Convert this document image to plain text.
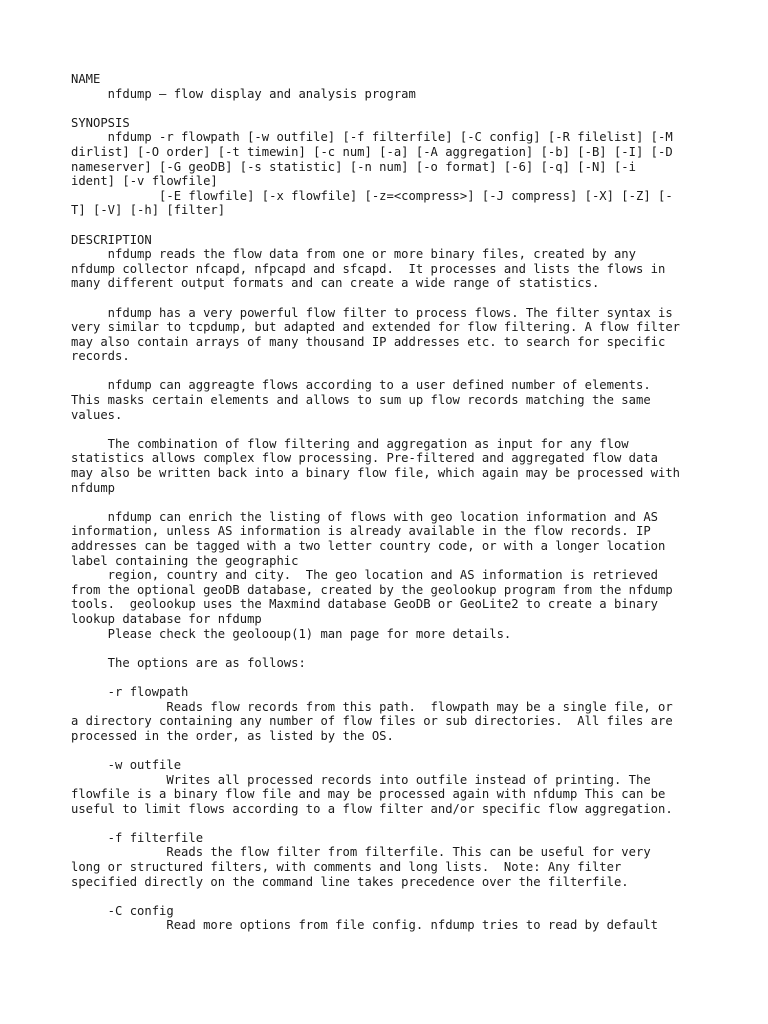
NAME
nfdump — flow display and analysis program
SYNOPSIS
nfdump -r flowpath [-w outfile] [-f filterfile] [-C config] [-R filelist] [-M
dirlist] [-O order] [-t timewin] [-c num] [-a] [-A aggregation] [-b] [-B] [-I] [-D
nameserver] [-G geoDB] [-s statistic] [-n num] [-o format] [-6] [-q] [-N] [-i
ident] [-v flowfile]
[-E flowfile] [-x flowfile] [-z=<compress>] [-J compress] [-X] [-Z] [-
T] [-V] [-h] [filter]
DESCRIPTION
nfdump reads the flow data from one or more binary files, created by any
nfdump collector nfcapd, nfpcapd and sfcapd.  It processes and lists the flows in
many different output formats and can create a wide range of statistics.
nfdump has a very powerful flow filter to process flows. The filter syntax is
very similar to tcpdump, but adapted and extended for flow filtering. A flow filter
may also contain arrays of many thousand IP addresses etc. to search for specific
records.
nfdump can aggreagte flows according to a user defined number of elements.
This masks certain elements and allows to sum up flow records matching the same
values.
The combination of flow filtering and aggregation as input for any flow
statistics allows complex flow processing. Pre-filtered and aggregated flow data
may also be written back into a binary flow file, which again may be processed with
nfdump
nfdump can enrich the listing of flows with geo location information and AS
information, unless AS information is already available in the flow records. IP
addresses can be tagged with a two letter country code, or with a longer location
label containing the geographic
region, country and city.  The geo location and AS information is retrieved
from the optional geoDB database, created by the geolookup program from the nfdump
tools.  geolookup uses the Maxmind database GeoDB or GeoLite2 to create a binary
lookup database for nfdump
Please check the geolooup(1) man page for more details.
The options are as follows:
-r flowpath
Reads flow records from this path.  flowpath may be a single file, or
a directory containing any number of flow files or sub directories.  All files are
processed in the order, as listed by the OS.
-w outfile
Writes all processed records into outfile instead of printing. The
flowfile is a binary flow file and may be processed again with nfdump This can be
useful to limit flows according to a flow filter and/or specific flow aggregation.
-f filterfile
Reads the flow filter from filterfile. This can be useful for very
long or structured filters, with comments and long lists.  Note: Any filter
specified directly on the command line takes precedence over the filterfile.
-C config
Read more options from file config. nfdump tries to read by default
